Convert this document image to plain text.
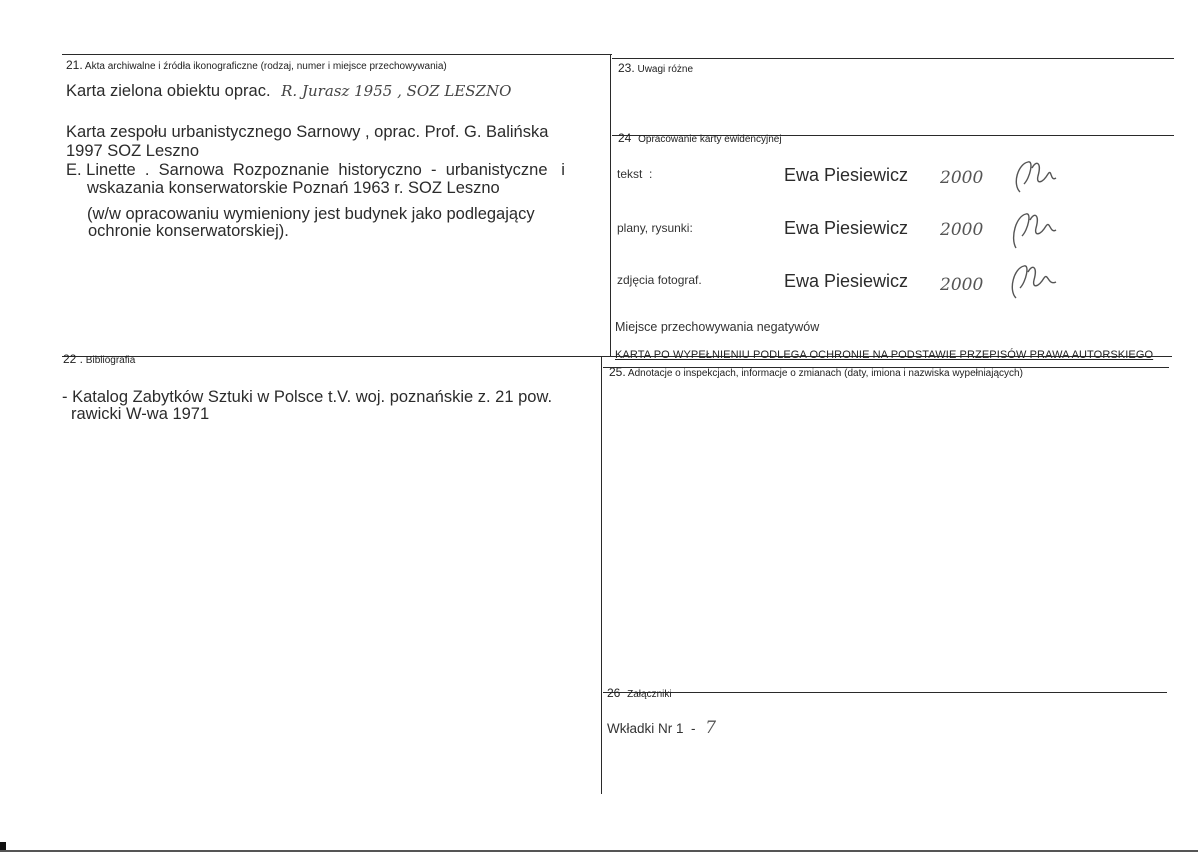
21. Akta archiwalne i źródła ikonograficzne (rodzaj, numer i miejsce przechowywania)
Karta zielona obiektu oprac. R. Jurasz 1955 , SOZ LESZNO
Karta zespołu urbanistycznego Sarnowy , oprac. Prof. G. Balińska
1997 SOZ Leszno
E. Linette  .  Sarnowa  Rozpoznanie  historyczno  -  urbanistyczne   i
wskazania konserwatorskie Poznań 1963 r. SOZ Leszno
(w/w opracowaniu wymieniony jest budynek jako podlegający
ochronie konserwatorskiej).
22 . Bibliografia
- Katalog Zabytków Sztuki w Polsce t.V. woj. poznańskie z. 21 pow.
rawicki W-wa 1971
23. Uwagi różne
24 Opracowanie karty ewidencyjnej
tekst  :	Ewa Piesiewicz 2000
plany, rysunki:	Ewa Piesiewicz 2000
zdjęcia fotograf.	Ewa Piesiewicz 2000
Miejsce przechowywania negatywów
KARTA PO WYPEŁNIENIU PODLEGA OCHRONIE NA PODSTAWIE PRZEPISÓW PRAWA AUTORSKIEGO
25. Adnotacje o inspekcjach, informacje o zmianach (daty, imiona i nazwiska wypełniających)
26 Załączniki
Wkładki Nr 1  - 7
